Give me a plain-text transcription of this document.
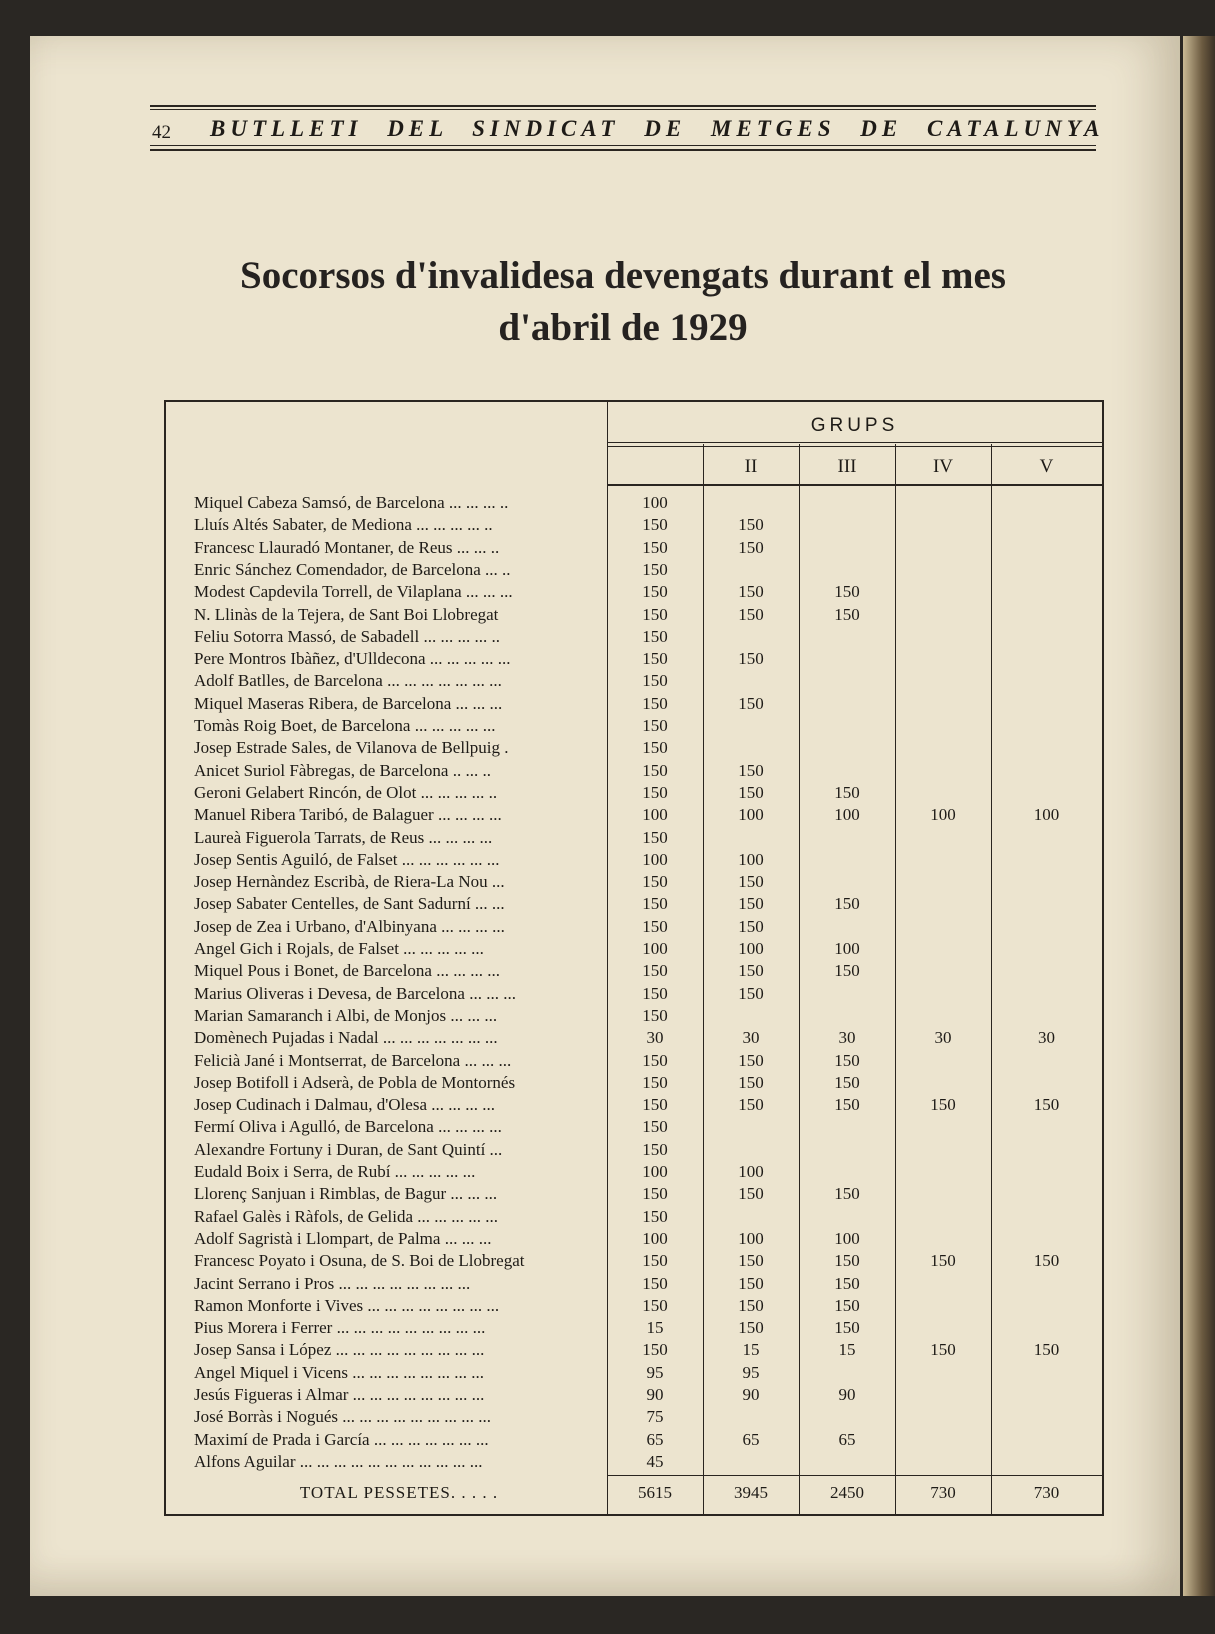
42 BUTLLETI DEL SINDICAT DE METGES DE CATALUNYA
Socorsos d'invalidesa devengats durant el mes
d'abril de 1929
GRUPS
II	III	IV	V
Miquel Cabeza Samsó, de Barcelona ... ... ... ..	100
Lluís Altés Sabater, de Mediona ... ... ... ... ..	150	150
Francesc Llauradó Montaner, de Reus ... ... ..	150	150
Enric Sánchez Comendador, de Barcelona ... ..	150
Modest Capdevila Torrell, de Vilaplana ... ... ...	150	150	150
N. Llinàs de la Tejera, de Sant Boi Llobregat	150	150	150
Feliu Sotorra Massó, de Sabadell ... ... ... ... ..	150
Pere Montros Ibàñez, d'Ulldecona ... ... ... ... ...	150	150
Adolf Batlles, de Barcelona ... ... ... ... ... ... ...	150
Miquel Maseras Ribera, de Barcelona ... ... ...	150	150
Tomàs Roig Boet, de Barcelona ... ... ... ... ...	150
Josep Estrade Sales, de Vilanova de Bellpuig .	150
Anicet Suriol Fàbregas, de Barcelona .. ... ..	150	150
Geroni Gelabert Rincón, de Olot ... ... ... ... ..	150	150	150
Manuel Ribera Taribó, de Balaguer ... ... ... ...	100	100	100	100	100
Laureà Figuerola Tarrats, de Reus ... ... ... ...	150
Josep Sentis Aguiló, de Falset ... ... ... ... ... ...	100	100
Josep Hernàndez Escribà, de Riera-La Nou ...	150	150
Josep Sabater Centelles, de Sant Sadurní ... ...	150	150	150
Josep de Zea i Urbano, d'Albinyana ... ... ... ...	150	150
Angel Gich i Rojals, de Falset ... ... ... ... ...	100	100	100
Miquel Pous i Bonet, de Barcelona ... ... ... ...	150	150	150
Marius Oliveras i Devesa, de Barcelona ... ... ...	150	150
Marian Samaranch i Albi, de Monjos ... ... ...	150
Domènech Pujadas i Nadal ... ... ... ... ... ... ...	30	30	30	30	30
Felicià Jané i Montserrat, de Barcelona ... ... ...	150	150	150
Josep Botifoll i Adserà, de Pobla de Montornés	150	150	150
Josep Cudinach i Dalmau, d'Olesa ... ... ... ...	150	150	150	150	150
Fermí Oliva i Agulló, de Barcelona ... ... ... ...	150
Alexandre Fortuny i Duran, de Sant Quintí ...	150
Eudald Boix i Serra, de Rubí ... ... ... ... ...	100	100
Llorenç Sanjuan i Rimblas, de Bagur ... ... ...	150	150	150
Rafael Galès i Ràfols, de Gelida ... ... ... ... ...	150
Adolf Sagristà i Llompart, de Palma ... ... ...	100	100	100
Francesc Poyato i Osuna, de S. Boi de Llobregat	150	150	150	150	150
Jacint Serrano i Pros ... ... ... ... ... ... ... ...	150	150	150
Ramon Monforte i Vives ... ... ... ... ... ... ... ...	150	150	150
Pius Morera i Ferrer ... ... ... ... ... ... ... ... ...	15	150	150
Josep Sansa i López ... ... ... ... ... ... ... ... ...	150	15	15	150	150
Angel Miquel i Vicens ... ... ... ... ... ... ... ...	95	95
Jesús Figueras i Almar ... ... ... ... ... ... ... ...	90	90	90
José Borràs i Nogués ... ... ... ... ... ... ... ... ...	75
Maximí de Prada i García ... ... ... ... ... ... ...	65	65	65
Alfons Aguilar ... ... ... ... ... ... ... ... ... ... ...	45
TOTAL PESSETES. . . . .	5615	3945	2450	730	730
